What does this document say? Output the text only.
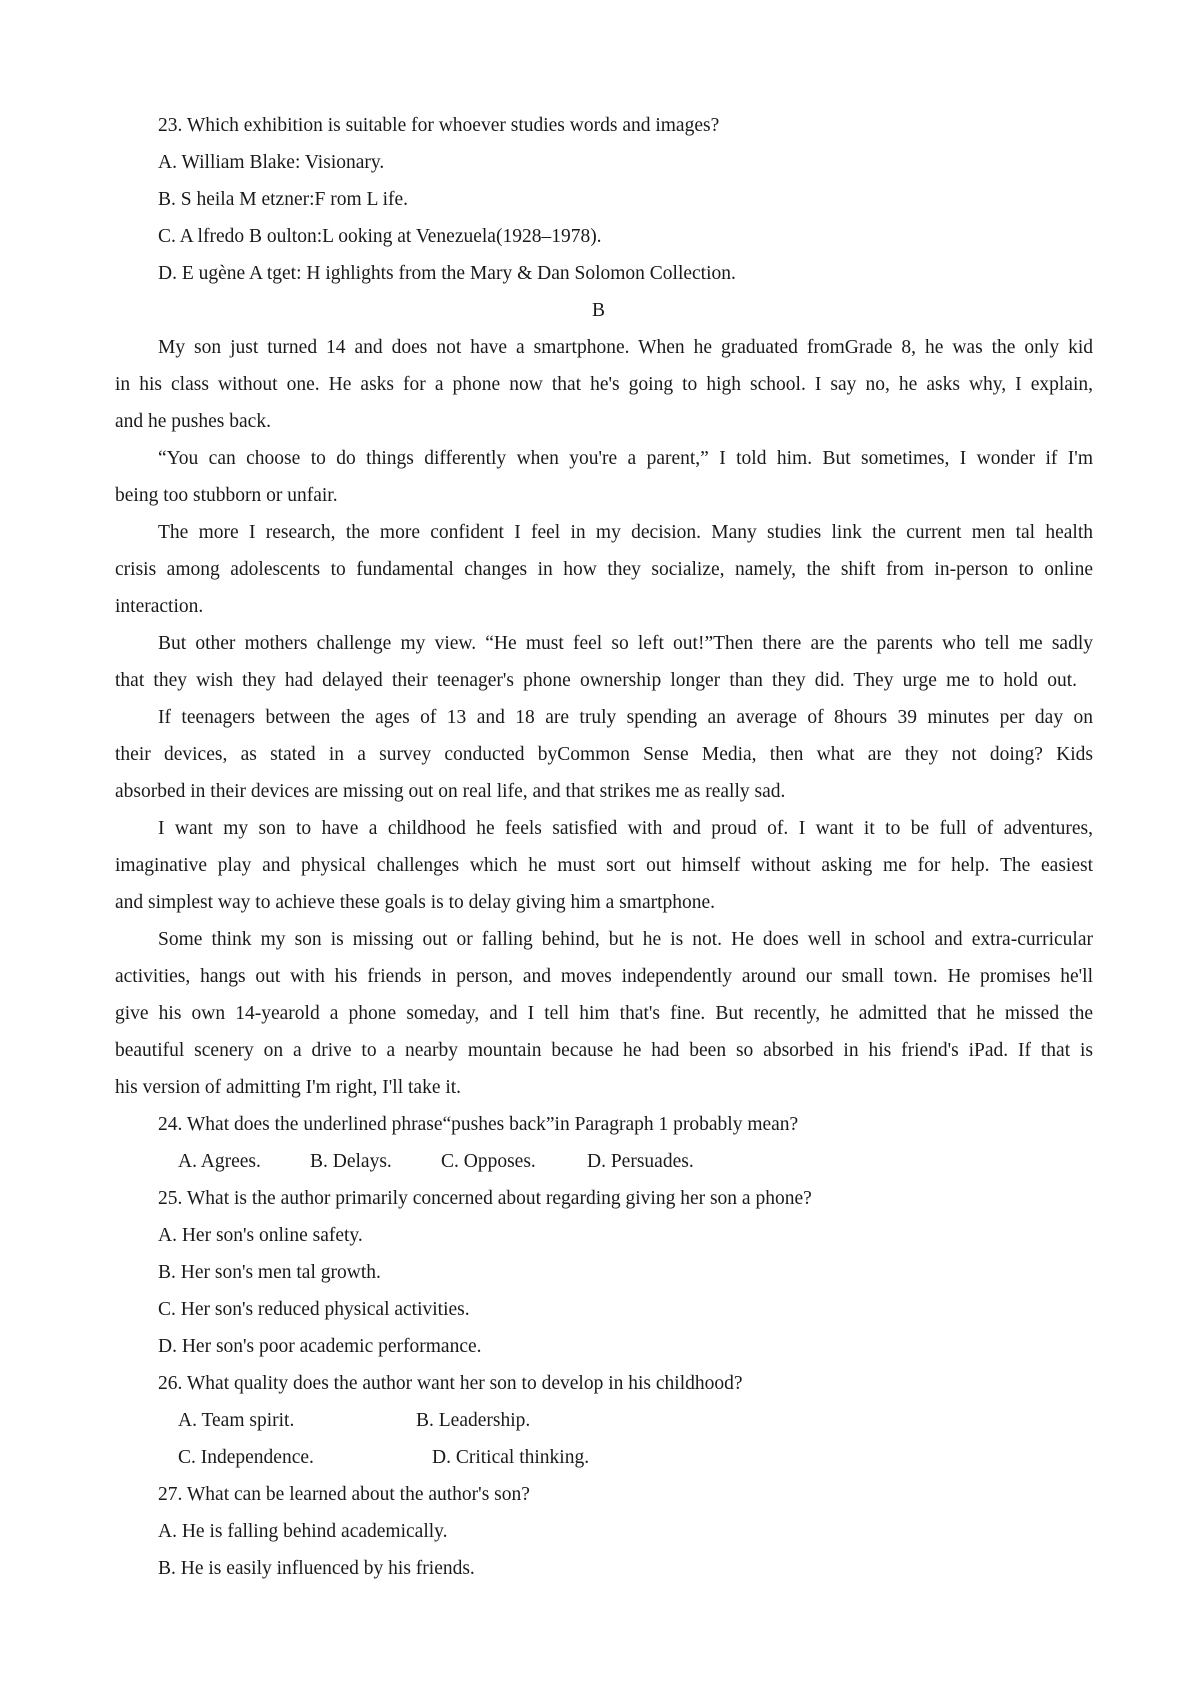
23. Which exhibition is suitable for whoever studies words and images?
A. William Blake: Visionary.
B. S heila M etzner:F rom L ife.
C. A lfredo B oulton:L ooking at Venezuela(1928–1978).
D. E ugène A tget: H ighlights from the Mary & Dan Solomon Collection.
B
My son just turned 14 and does not have a smartphone. When he graduated fromGrade 8, he was the only kid
in his class without one. He asks for a phone now that he's going to high school. I say no, he asks why, I explain,
and he pushes back.
“You can choose to do things differently when you're a parent,” I told him. But sometimes, I wonder if I'm
being too stubborn or unfair.
The more I research, the more confident I feel in my decision. Many studies link the current men tal health
crisis among adolescents to fundamental changes in how they socialize, namely, the shift from in-person to online
interaction.
But other mothers challenge my view. “He must feel so left out!”Then there are the parents who tell me sadly
that they wish they had delayed their teenager's phone ownership longer than they did. They urge me to hold out.
If teenagers between the ages of 13 and 18 are truly spending an average of 8hours 39 minutes per day on
their devices, as stated in a survey conducted byCommon Sense Media, then what are they not doing? Kids
absorbed in their devices are missing out on real life, and that strikes me as really sad.
I want my son to have a childhood he feels satisfied with and proud of. I want it to be full of adventures,
imaginative play and physical challenges which he must sort out himself without asking me for help. The easiest
and simplest way to achieve these goals is to delay giving him a smartphone.
Some think my son is missing out or falling behind, but he is not. He does well in school and extra-curricular
activities, hangs out with his friends in person, and moves independently around our small town. He promises he'll
give his own 14-yearold a phone someday, and I tell him that's fine. But recently, he admitted that he missed the
beautiful scenery on a drive to a nearby mountain because he had been so absorbed in his friend's iPad. If that is
his version of admitting I'm right, I'll take it.
24. What does the underlined phrase“pushes back”in Paragraph 1 probably mean?
A. Agrees.	B. Delays.	C. Opposes.	D. Persuades.
25. What is the author primarily concerned about regarding giving her son a phone?
A. Her son's online safety.
B. Her son's men tal growth.
C. Her son's reduced physical activities.
D. Her son's poor academic performance.
26. What quality does the author want her son to develop in his childhood?
A. Team spirit.	B. Leadership.
C. Independence.	D. Critical thinking.
27. What can be learned about the author's son?
A. He is falling behind academically.
B. He is easily influenced by his friends.
